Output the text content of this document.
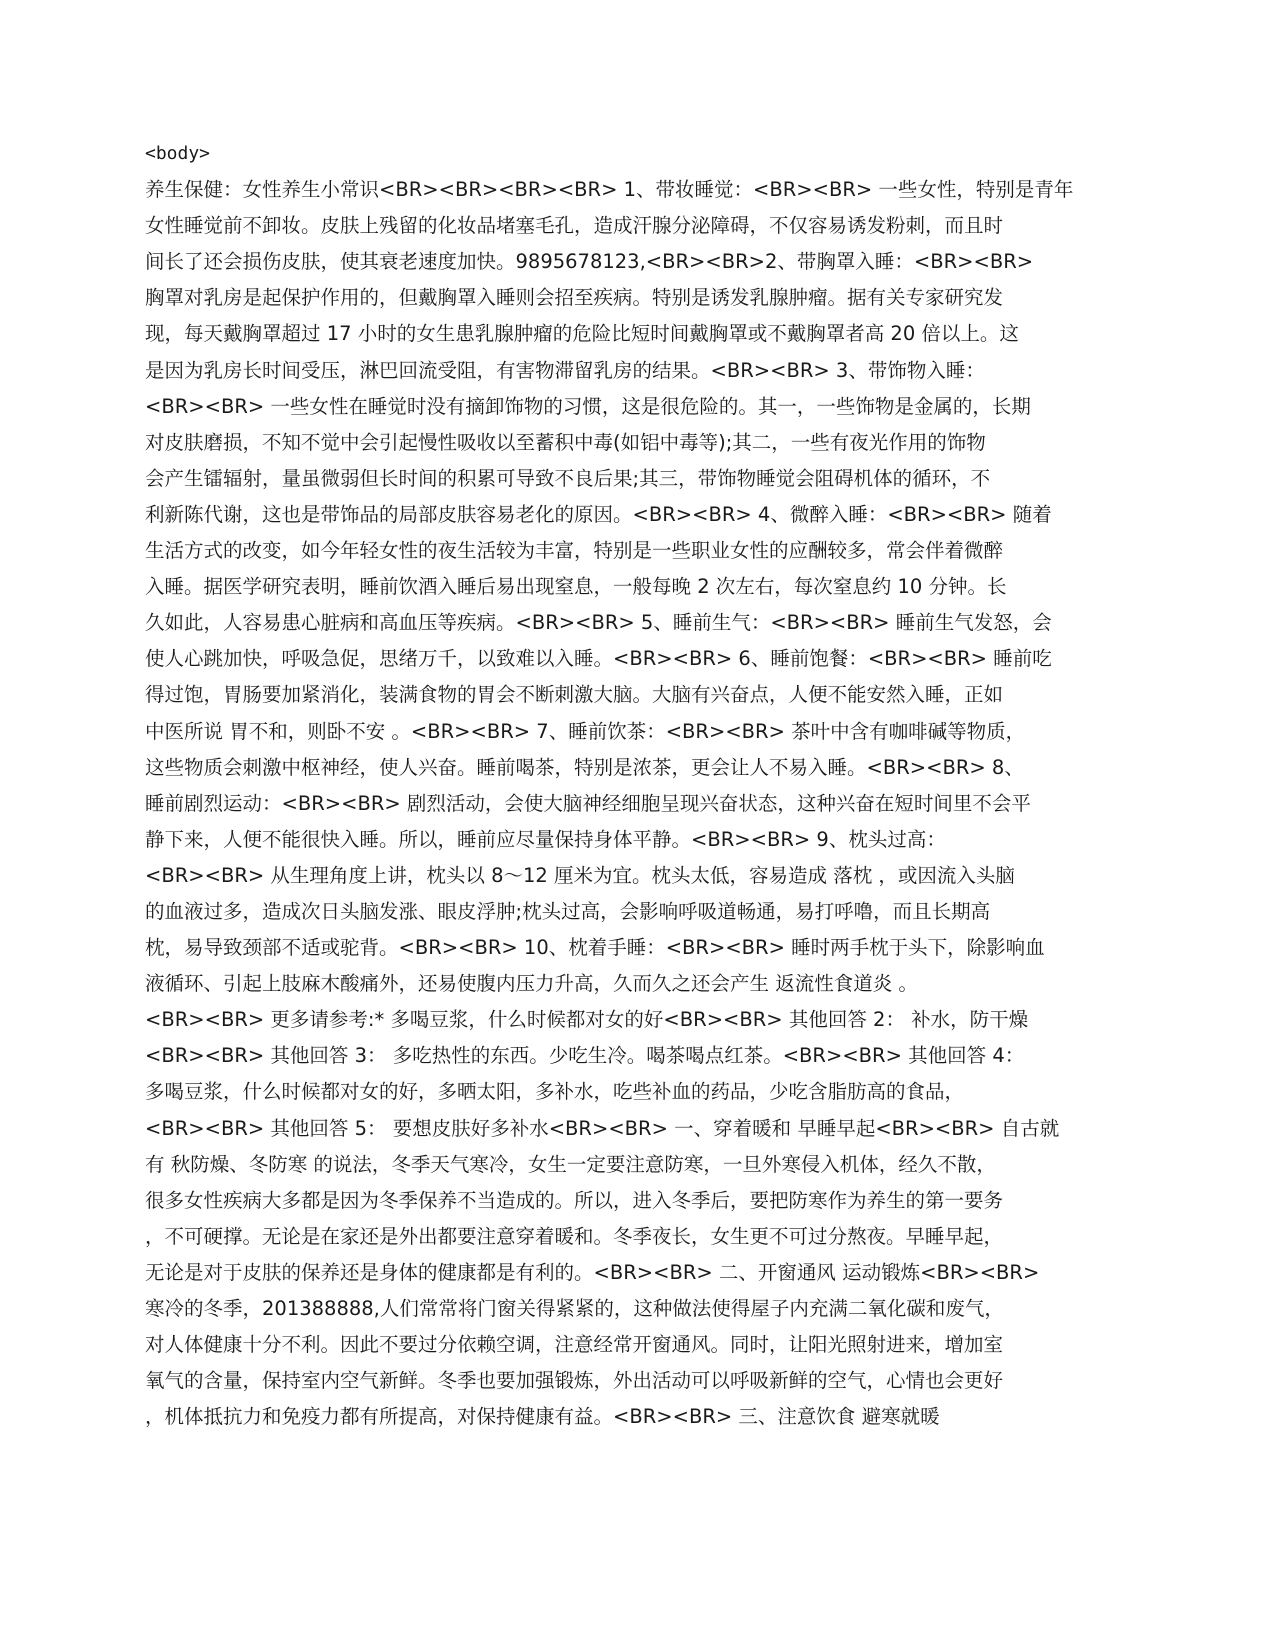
<body>
养生保健：女性养生小常识<BR><BR><BR><BR> 1、带妆睡觉：<BR><BR> 一些女性，特别是青年
女性睡觉前不卸妆。皮肤上残留的化妆品堵塞毛孔，造成汗腺分泌障碍，不仅容易诱发粉刺，而且时
间长了还会损伤皮肤，使其衰老速度加快。9895678123,<BR><BR>2、带胸罩入睡：<BR><BR>
胸罩对乳房是起保护作用的，但戴胸罩入睡则会招至疾病。特别是诱发乳腺肿瘤。据有关专家研究发
现，每天戴胸罩超过 17 小时的女生患乳腺肿瘤的危险比短时间戴胸罩或不戴胸罩者高 20 倍以上。这
是因为乳房长时间受压，淋巴回流受阻，有害物滞留乳房的结果。<BR><BR> 3、带饰物入睡：
<BR><BR> 一些女性在睡觉时没有摘卸饰物的习惯，这是很危险的。其一，一些饰物是金属的，长期
对皮肤磨损，不知不觉中会引起慢性吸收以至蓄积中毒(如铝中毒等);其二，一些有夜光作用的饰物
会产生镭辐射，量虽微弱但长时间的积累可导致不良后果;其三，带饰物睡觉会阻碍机体的循环，不
利新陈代谢，这也是带饰品的局部皮肤容易老化的原因。<BR><BR> 4、微醉入睡：<BR><BR> 随着
生活方式的改变，如今年轻女性的夜生活较为丰富，特别是一些职业女性的应酬较多，常会伴着微醉
入睡。据医学研究表明，睡前饮酒入睡后易出现窒息，一般每晚 2 次左右，每次窒息约 10 分钟。长
久如此，人容易患心脏病和高血压等疾病。<BR><BR> 5、睡前生气：<BR><BR> 睡前生气发怒，会
使人心跳加快，呼吸急促，思绪万千，以致难以入睡。<BR><BR> 6、睡前饱餐：<BR><BR> 睡前吃
得过饱，胃肠要加紧消化，装满食物的胃会不断刺激大脑。大脑有兴奋点，人便不能安然入睡，正如
中医所说 胃不和，则卧不安 。<BR><BR> 7、睡前饮茶：<BR><BR> 茶叶中含有咖啡碱等物质，
这些物质会刺激中枢神经，使人兴奋。睡前喝茶，特别是浓茶，更会让人不易入睡。<BR><BR> 8、
睡前剧烈运动：<BR><BR> 剧烈活动，会使大脑神经细胞呈现兴奋状态，这种兴奋在短时间里不会平
静下来，人便不能很快入睡。所以，睡前应尽量保持身体平静。<BR><BR> 9、枕头过高：
<BR><BR> 从生理角度上讲，枕头以 8～12 厘米为宜。枕头太低，容易造成 落枕 ，或因流入头脑
的血液过多，造成次日头脑发涨、眼皮浮肿;枕头过高，会影响呼吸道畅通，易打呼噜，而且长期高
枕，易导致颈部不适或驼背。<BR><BR> 10、枕着手睡：<BR><BR> 睡时两手枕于头下，除影响血
液循环、引起上肢麻木酸痛外，还易使腹内压力升高，久而久之还会产生 返流性食道炎 。
<BR><BR> 更多请参考:* 多喝豆浆，什么时候都对女的好<BR><BR> 其他回答 2： 补水，防干燥
<BR><BR> 其他回答 3： 多吃热性的东西。少吃生冷。喝茶喝点红茶。<BR><BR> 其他回答 4：
多喝豆浆，什么时候都对女的好，多晒太阳，多补水，吃些补血的药品，少吃含脂肪高的食品，
<BR><BR> 其他回答 5： 要想皮肤好多补水<BR><BR> 一、穿着暖和 早睡早起<BR><BR> 自古就
有 秋防燥、冬防寒 的说法，冬季天气寒冷，女生一定要注意防寒，一旦外寒侵入机体，经久不散，
很多女性疾病大多都是因为冬季保养不当造成的。所以，进入冬季后，要把防寒作为养生的第一要务
，不可硬撑。无论是在家还是外出都要注意穿着暖和。冬季夜长，女生更不可过分熬夜。早睡早起，
无论是对于皮肤的保养还是身体的健康都是有利的。<BR><BR> 二、开窗通风 运动锻炼<BR><BR>
寒冷的冬季，201388888,人们常常将门窗关得紧紧的，这种做法使得屋子内充满二氧化碳和废气，
对人体健康十分不利。因此不要过分依赖空调，注意经常开窗通风。同时，让阳光照射进来，增加室
氧气的含量，保持室内空气新鲜。冬季也要加强锻炼，外出活动可以呼吸新鲜的空气，心情也会更好
，机体抵抗力和免疫力都有所提高，对保持健康有益。<BR><BR> 三、注意饮食 避寒就暖
